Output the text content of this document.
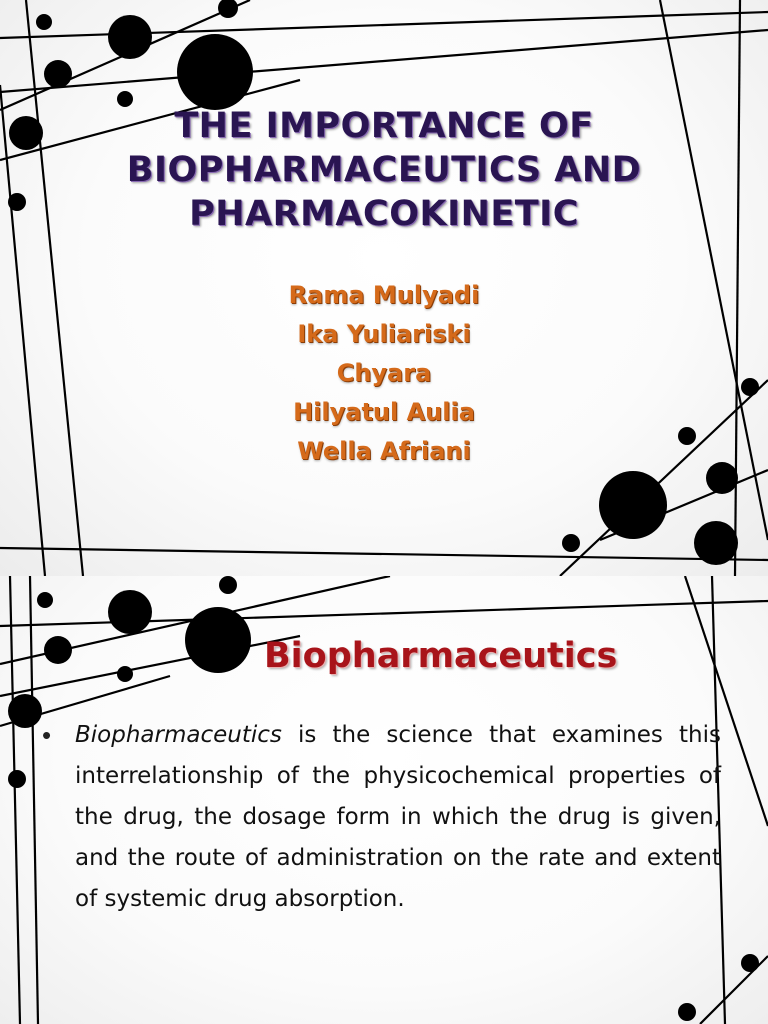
THE IMPORTANCE OF
BIOPHARMACEUTICS AND
PHARMACOKINETIC
Rama Mulyadi
Ika Yuliariski
Chyara
Hilyatul Aulia
Wella Afriani
Biopharmaceutics
• Biopharmaceutics is the science that examines this interrelationship of the physicochemical properties of the drug, the dosage form in which the drug is given, and the route of administration on the rate and extent of systemic drug absorption.
